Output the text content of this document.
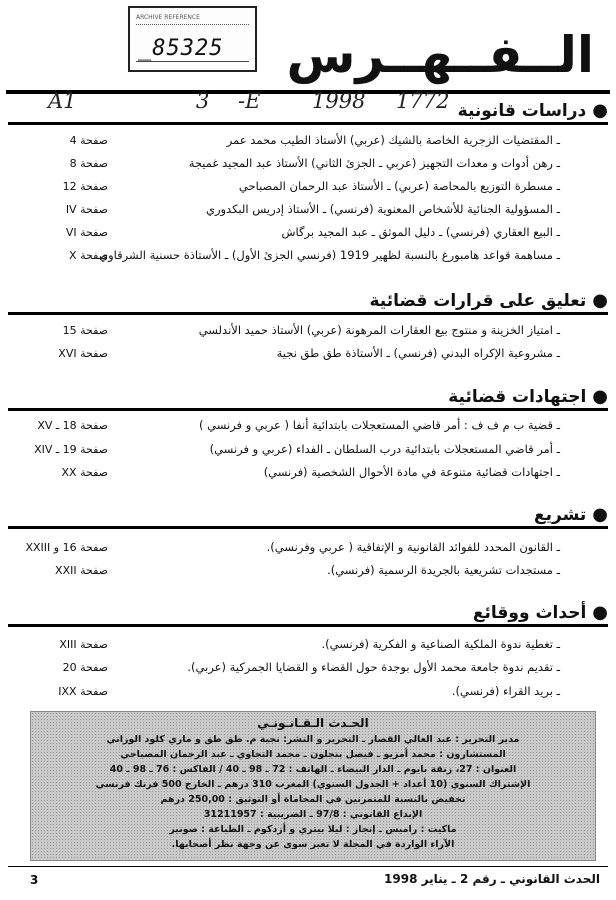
ARCHIVE REFERENCE
_85325 الــفــهــرس
A1	3 -E 1998 1772	●دراسات قانونية
ـ المقتضيات الزجرية الخاصة بالشيك (عربي) الأستاذ الطيب محمد عمر
صفحة 4
ـ رهن أدوات و معدات التجهيز (عربي ـ الجزئ الثاني) الأستاذ عبد المجيد غميجة
صفحة 8
ـ مسطرة التوزيع بالمحاصة (عربي) ـ الأستاذ عبد الرحمان المصباحي
صفحة 12
ـ المسؤولية الجنائية للأشخاص المعنوية (فرنسي) ـ الأستاذ إدريس البكدوري
صفحة IV
ـ البيع العقاري (فرنسي) ـ دليل الموثق ـ عبد المجيد برگاش
صفحة VI
ـ مساهمة قواعد هامبورغ بالنسبة لظهير 1919 (فرنسي الجزئ الأول) ـ الأستاذة حسنية الشرقاوي
صفحة X
●تعليق على قرارات قضائية
ـ امتياز الخزينة و منتوج بيع العقارات المرهونة (عربي) الأستاذ حميد الأندلسي
صفحة 15
ـ مشروعية الإكراه البدني (فرنسي) ـ الأستاذة طق طق نجية
صفحة XVI
●اجتهادات قضائية
ـ قضية ب م ف ف : أمر قاضي المستعجلات بابتدائية أنفا ( عربي و فرنسي )
صفحة 18 ـ XV
ـ أمر قاضي المستعجلات بابتدائية درب السلطان ـ الفداء (عربي و فرنسي)
صفحة 19 ـ XIV
ـ اجتهادات قضائية متنوعة في مادة الأحوال الشخصية (فرنسي)
صفحة XX
●تشريع
ـ القانون المحدد للفوائد القانونية و الإتفاقية ( عربي وفرنسي).
صفحة 16 و XXIII
ـ مستجدات تشريعية بالجريدة الرسمية (فرنسي).
صفحة XXII
●أحداث ووقائع
ـ تغطية ندوة الملكية الصناعية و الفكرية (فرنسي).
صفحة XIII
ـ تقديم ندوة جامعة محمد الأول بوجدة حول القضاء و القضايا الجمركية (عربي).
صفحة 20
ـ بريد القراء (فرنسي).
صفحة IXX
الحـدث الـقـانـونـي
مدير التحرير : عبد العالي القصار ـ التحرير و النشر: نجية م. طق طق و ماري كلود الوزاني
المستشارون : محمد أمزيو ـ فيصل بنجلون ـ محمد التجاوي ـ عبد الرحمان المصباحي
العنوان : 27، زنقة بايوم ـ الدار البيضاء ـ الهاتف : 72 ـ 98 ـ 40 / الفاكس : 76 ـ 98 ـ 40
الإشتراك السنوي (10 أعداد + الجدول السنوي) المغرب 310 درهم ـ الخارج 500 فرنك فرنسي
تخفيض بالنسبة للمتمرنين في المحاماة أو التوثيق : 250,00 درهم
الإيداع القانوني : 97/8 ـ الضريبية : 31211957
ماكيت : راميس ـ إنجاز : ليلا بيتري و أزدكوم ـ الطباعة : صونير
الآراء الواردة في المجلة لا تعبر سوى عن وجهة نظر أصحابها.
3	الحدث القانوني ـ رقم 2 ـ يناير 1998
